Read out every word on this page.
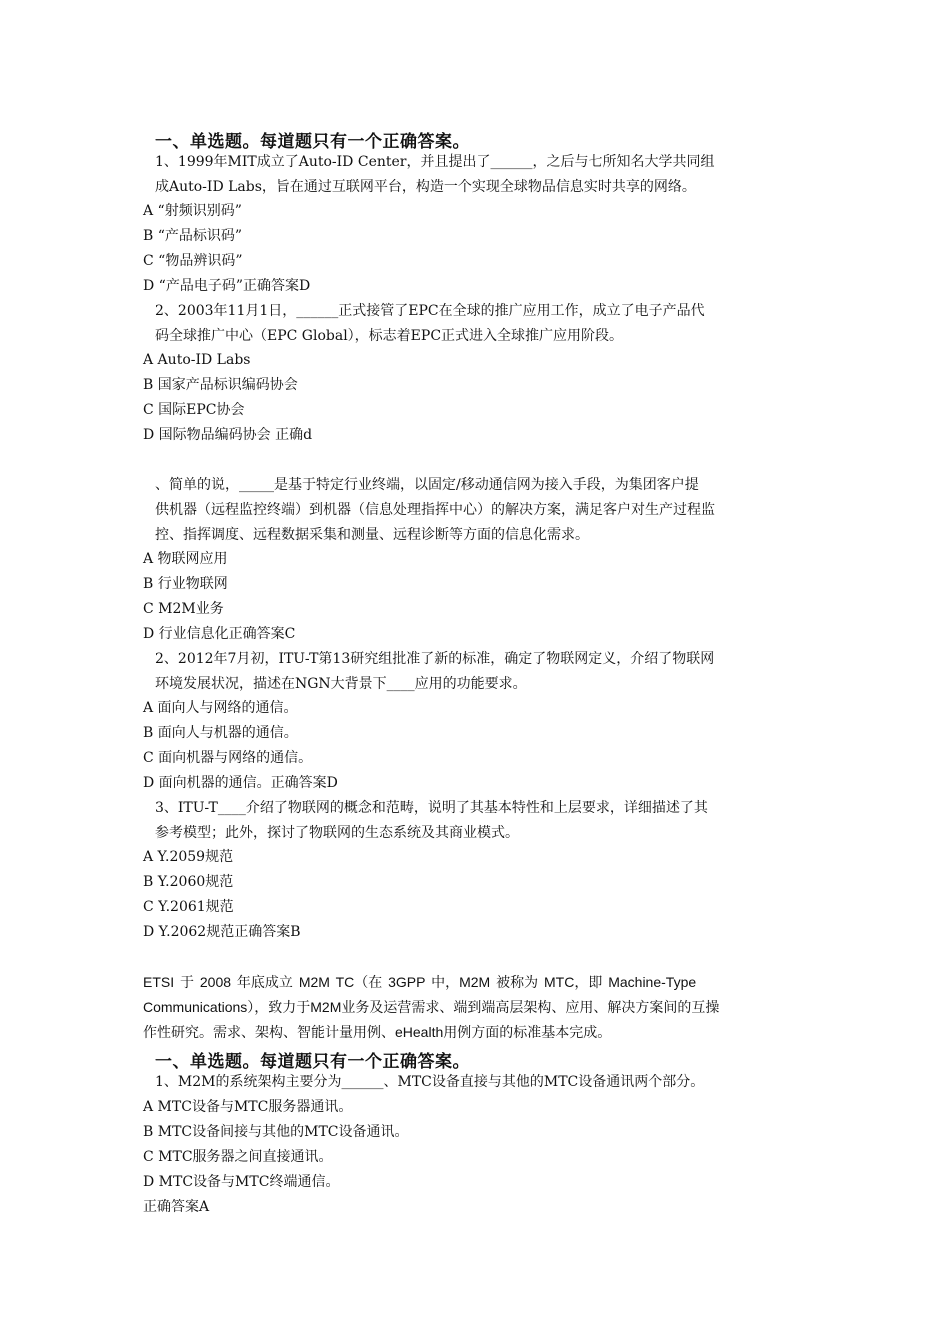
一、单选题。每道题只有一个正确答案。
1、1999年MIT成立了Auto-ID Center，并且提出了______，之后与七所知名大学共同组
成Auto-ID Labs，旨在通过互联网平台，构造一个实现全球物品信息实时共享的网络。
A “射频识别码”
B “产品标识码”
C “物品辨识码”
D “产品电子码”正确答案D
2、2003年11月1日，______正式接管了EPC在全球的推广应用工作，成立了电子产品代
码全球推广中心（EPC Global），标志着EPC正式进入全球推广应用阶段。
A Auto-ID Labs
B 国家产品标识编码协会
C 国际EPC协会
D 国际物品编码协会 正确d
、简单的说，_____是基于特定行业终端，以固定/移动通信网为接入手段，为集团客户提
供机器（远程监控终端）到机器（信息处理指挥中心）的解决方案，满足客户对生产过程监
控、指挥调度、远程数据采集和测量、远程诊断等方面的信息化需求。
A 物联网应用
B 行业物联网
C M2M业务
D 行业信息化正确答案C
2、2012年7月初，ITU-T第13研究组批准了新的标准，确定了物联网定义，介绍了物联网
环境发展状况，描述在NGN大背景下____应用的功能要求。
A 面向人与网络的通信。
B 面向人与机器的通信。
C 面向机器与网络的通信。
D 面向机器的通信。正确答案D
3、ITU-T____介绍了物联网的概念和范畴，说明了其基本特性和上层要求，详细描述了其
参考模型；此外，探讨了物联网的生态系统及其商业模式。
A Y.2059规范
B Y.2060规范
C Y.2061规范
D Y.2062规范正确答案B
ETSI 于 2008 年底成立 M2M TC（在 3GPP 中，M2M 被称为 MTC，即 Machine-Type
Communications），致力于M2M业务及运营需求、端到端高层架构、应用、解决方案间的互操
作性研究。需求、架构、智能计量用例、eHealth用例方面的标准基本完成。
一、单选题。每道题只有一个正确答案。
1、M2M的系统架构主要分为______、MTC设备直接与其他的MTC设备通讯两个部分。
A MTC设备与MTC服务器通讯。
B MTC设备间接与其他的MTC设备通讯。
C MTC服务器之间直接通讯。
D MTC设备与MTC终端通信。
正确答案A
